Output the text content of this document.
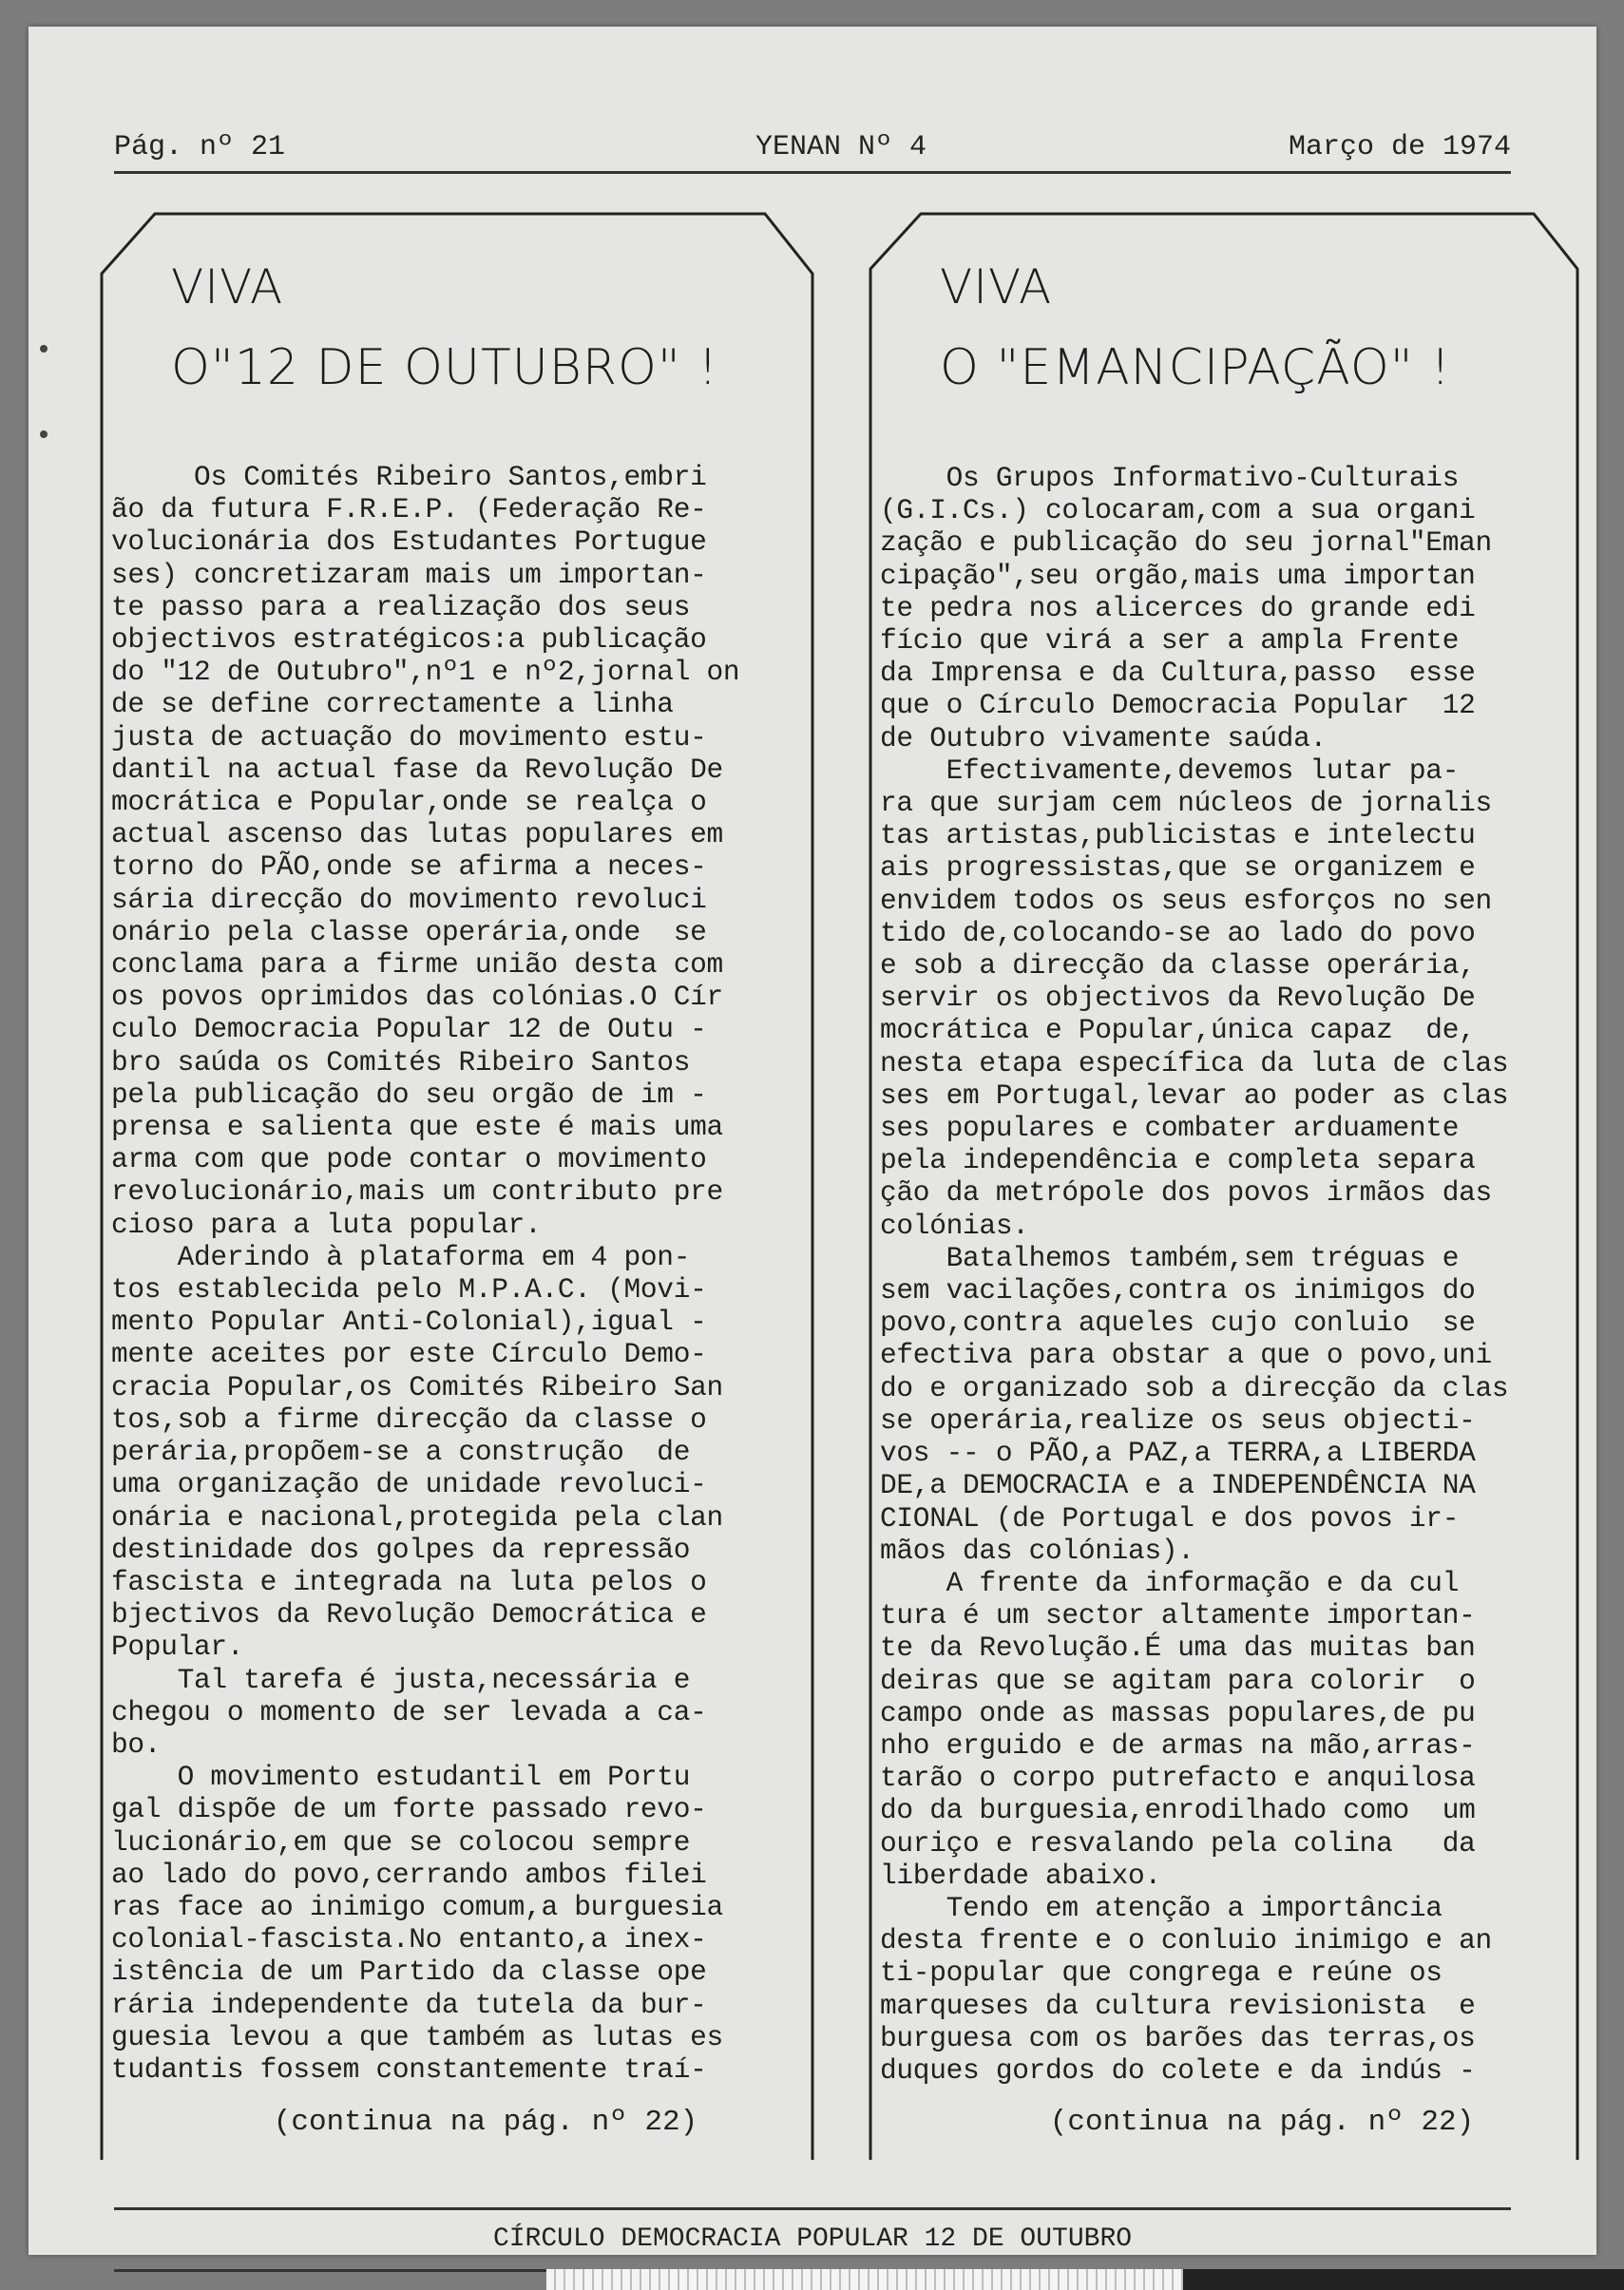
Pág. nº 21	YENAN Nº 4	Março de 1974
VIVA
O"12 DE OUTUBRO" !
Os Comités Ribeiro Santos,embri
ão da futura F.R.E.P. (Federação Re-
volucionária dos Estudantes Portugue
ses) concretizaram mais um importan-
te passo para a realização dos seus
objectivos estratégicos:a publicação
do "12 de Outubro",nº1 e nº2,jornal on
de se define correctamente a linha
justa de actuação do movimento estu-
dantil na actual fase da Revolução De
mocrática e Popular,onde se realça o
actual ascenso das lutas populares em
torno do PÃO,onde se afirma a neces-
sária direcção do movimento revoluci
onário pela classe operária,onde  se
conclama para a firme união desta com
os povos oprimidos das colónias.O Cír
culo Democracia Popular 12 de Outu -
bro saúda os Comités Ribeiro Santos
pela publicação do seu orgão de im -
prensa e salienta que este é mais uma
arma com que pode contar o movimento
revolucionário,mais um contributo pre
cioso para a luta popular.
Aderindo à plataforma em 4 pon-
tos establecida pelo M.P.A.C. (Movi-
mento Popular Anti-Colonial),igual -
mente aceites por este Círculo Demo-
cracia Popular,os Comités Ribeiro San
tos,sob a firme direcção da classe o
perária,propõem-se a construção  de
uma organização de unidade revoluci-
onária e nacional,protegida pela clan
destinidade dos golpes da repressão
fascista e integrada na luta pelos o
bjectivos da Revolução Democrática e
Popular.
Tal tarefa é justa,necessária e
chegou o momento de ser levada a ca-
bo.
O movimento estudantil em Portu
gal dispõe de um forte passado revo-
lucionário,em que se colocou sempre
ao lado do povo,cerrando ambos filei
ras face ao inimigo comum,a burguesia
colonial-fascista.No entanto,a inex-
istência de um Partido da classe ope
rária independente da tutela da bur-
guesia levou a que também as lutas es
tudantis fossem constantemente traí-
(continua na pág. nº 22)
VIVA
O "EMANCIPAÇÃO" !
Os Grupos Informativo-Culturais
(G.I.Cs.) colocaram,com a sua organi
zação e publicação do seu jornal"Eman
cipação",seu orgão,mais uma importan
te pedra nos alicerces do grande edi
fício que virá a ser a ampla Frente
da Imprensa e da Cultura,passo  esse
que o Círculo Democracia Popular  12
de Outubro vivamente saúda.
Efectivamente,devemos lutar pa-
ra que surjam cem núcleos de jornalis
tas artistas,publicistas e intelectu
ais progressistas,que se organizem e
envidem todos os seus esforços no sen
tido de,colocando-se ao lado do povo
e sob a direcção da classe operária,
servir os objectivos da Revolução De
mocrática e Popular,única capaz  de,
nesta etapa específica da luta de clas
ses em Portugal,levar ao poder as clas
ses populares e combater arduamente
pela independência e completa separa
ção da metrópole dos povos irmãos das
colónias.
Batalhemos também,sem tréguas e
sem vacilações,contra os inimigos do
povo,contra aqueles cujo conluio  se
efectiva para obstar a que o povo,uni
do e organizado sob a direcção da clas
se operária,realize os seus objecti-
vos -- o PÃO,a PAZ,a TERRA,a LIBERDA
DE,a DEMOCRACIA e a INDEPENDÊNCIA NA
CIONAL (de Portugal e dos povos ir-
mãos das colónias).
A frente da informação e da cul
tura é um sector altamente importan-
te da Revolução.É uma das muitas ban
deiras que se agitam para colorir  o
campo onde as massas populares,de pu
nho erguido e de armas na mão,arras-
tarão o corpo putrefacto e anquilosa
do da burguesia,enrodilhado como  um
ouriço e resvalando pela colina   da
liberdade abaixo.
Tendo em atenção a importância
desta frente e o conluio inimigo e an
ti-popular que congrega e reúne os
marqueses da cultura revisionista  e
burguesa com os barões das terras,os
duques gordos do colete e da indús -
(continua na pág. nº 22)
CÍRCULO DEMOCRACIA POPULAR 12 DE OUTUBRO
